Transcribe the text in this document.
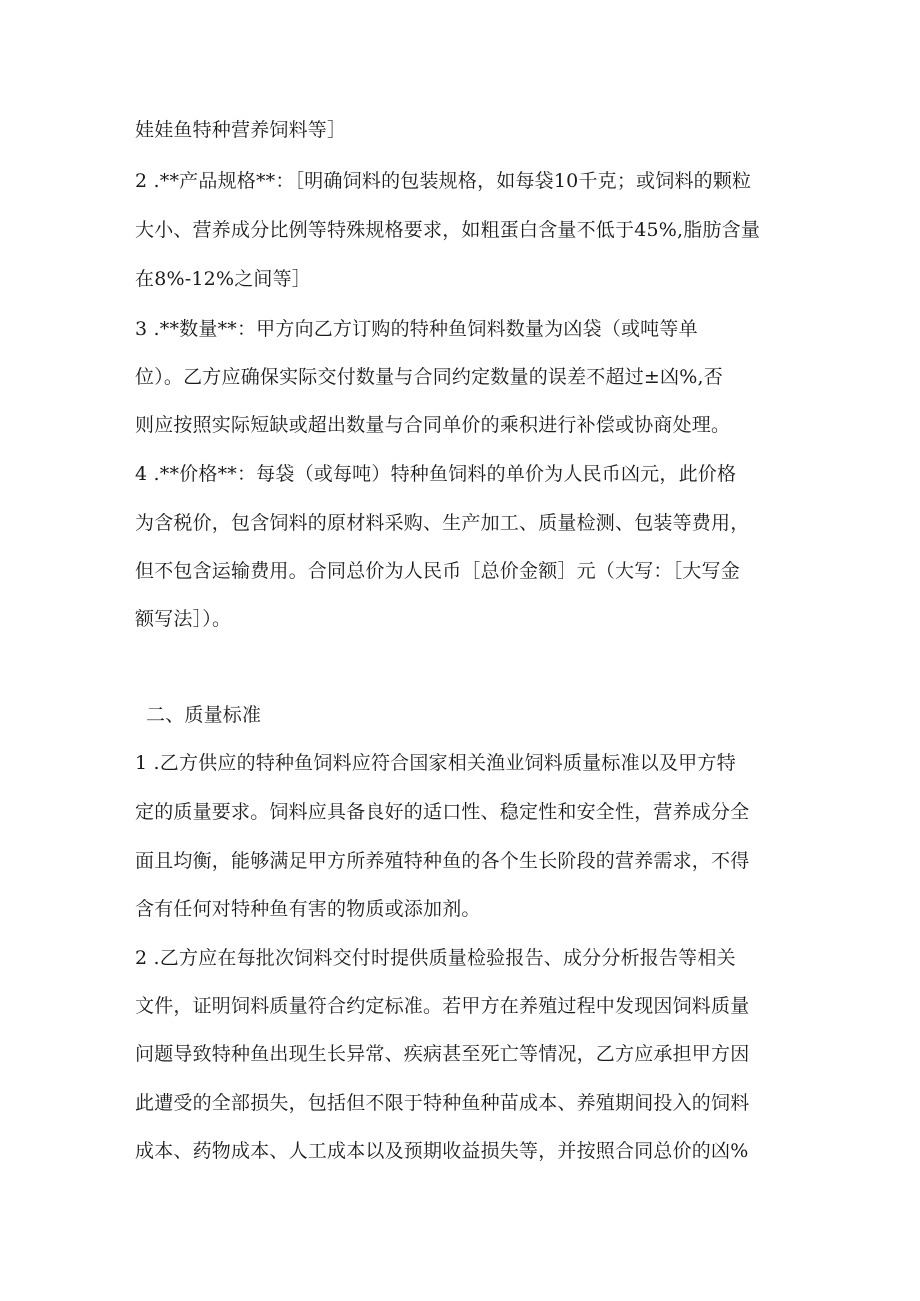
娃娃鱼特种营养饲料等］
2 .**产品规格**：［明确饲料的包装规格，如每袋10千克；或饲料的颗粒
大小、营养成分比例等特殊规格要求，如粗蛋白含量不低于45%,脂肪含量
在8%-12%之间等］
3 .**数量**：甲方向乙方订购的特种鱼饲料数量为凶袋（或吨等单
位）。乙方应确保实际交付数量与合同约定数量的误差不超过±凶%,否
则应按照实际短缺或超出数量与合同单价的乘积进行补偿或协商处理。
4 .**价格**：每袋（或每吨）特种鱼饲料的单价为人民币凶元，此价格
为含税价，包含饲料的原材料采购、生产加工、质量检测、包装等费用，
但不包含运输费用。合同总价为人民币［总价金额］元（大写：［大写金
额写法］）。
二、质量标准
1 .乙方供应的特种鱼饲料应符合国家相关渔业饲料质量标准以及甲方特
定的质量要求。饲料应具备良好的适口性、稳定性和安全性，营养成分全
面且均衡，能够满足甲方所养殖特种鱼的各个生长阶段的营养需求，不得
含有任何对特种鱼有害的物质或添加剂。
2 .乙方应在每批次饲料交付时提供质量检验报告、成分分析报告等相关
文件，证明饲料质量符合约定标准。若甲方在养殖过程中发现因饲料质量
问题导致特种鱼出现生长异常、疾病甚至死亡等情况，乙方应承担甲方因
此遭受的全部损失，包括但不限于特种鱼种苗成本、养殖期间投入的饲料
成本、药物成本、人工成本以及预期收益损失等，并按照合同总价的凶%
